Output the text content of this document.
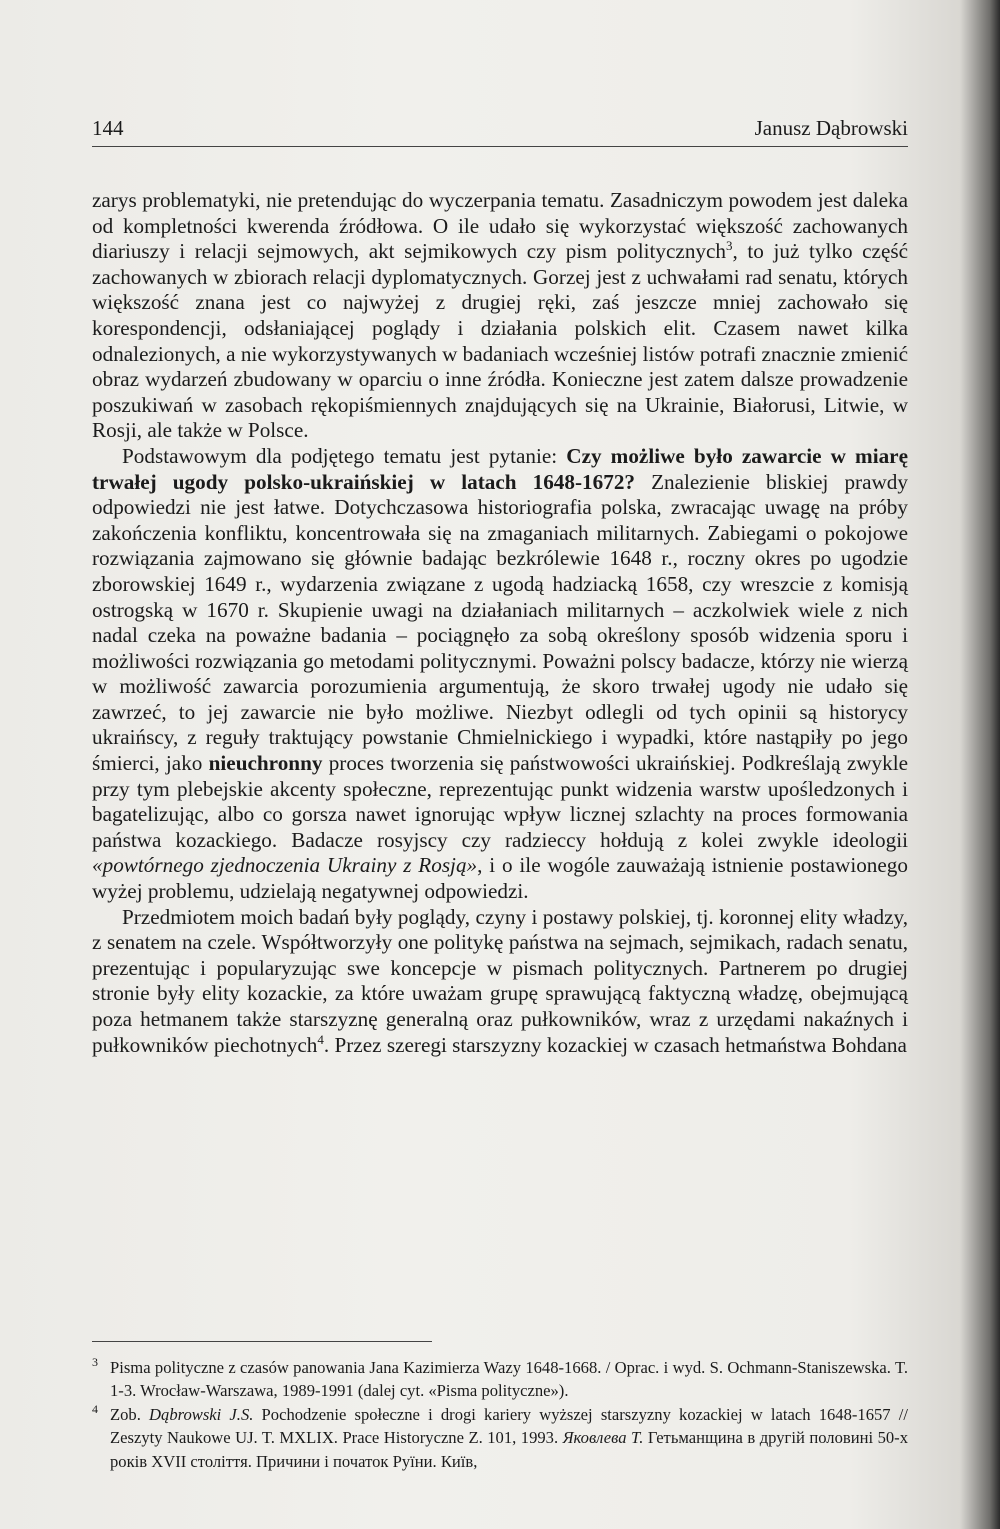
144	Janusz Dąbrowski

zarys problematyki, nie pretendując do wyczerpania tematu. Zasadniczym powodem jest daleka od kompletności kwerenda źródłowa. O ile udało się wykorzystać większość zachowanych diariuszy i relacji sejmowych, akt sejmikowych czy pism politycznych$^3$, to już tylko część zachowanych w zbiorach relacji dyplomatycznych. Gorzej jest z uchwałami rad senatu, których większość znana jest co najwyżej z drugiej ręki, zaś jeszcze mniej zachowało się korespondencji, odsłaniającej poglądy i działania polskich elit. Czasem nawet kilka odnalezionych, a nie wykorzystywanych w badaniach wcześniej listów potrafi znacznie zmienić obraz wydarzeń zbudowany w oparciu o inne źródła. Konieczne jest zatem dalsze prowadzenie poszukiwań w zasobach rękopiśmiennych znajdujących się na Ukrainie, Białorusi, Litwie, w Rosji, ale także w Polsce.

Podstawowym dla podjętego tematu jest pytanie: Czy możliwe było zawarcie w miarę trwałej ugody polsko-ukraińskiej w latach 1648-1672? Znalezienie bliskiej prawdy odpowiedzi nie jest łatwe. Dotychczasowa historiografia polska, zwracając uwagę na próby zakończenia konfliktu, koncentrowała się na zmaganiach militarnych. Zabiegami o pokojowe rozwiązania zajmowano się głównie badając bezkrólewie 1648 r., roczny okres po ugodzie zborowskiej 1649 r., wydarzenia związane z ugodą hadziacką 1658, czy wreszcie z komisją ostrogską w 1670 r. Skupienie uwagi na działaniach militarnych – aczkolwiek wiele z nich nadal czeka na poważne badania – pociągnęło za sobą określony sposób widzenia sporu i możliwości rozwiązania go metodami politycznymi. Poważni polscy badacze, którzy nie wierzą w możliwość zawarcia porozumienia argumentują, że skoro trwałej ugody nie udało się zawrzeć, to jej zawarcie nie było możliwe. Niezbyt odlegli od tych opinii są historycy ukraińscy, z reguły traktujący powstanie Chmielnickiego i wypadki, które nastąpiły po jego śmierci, jako nieuchronny proces tworzenia się państwowości ukraińskiej. Podkreślają zwykle przy tym plebejskie akcenty społeczne, reprezentując punkt widzenia warstw upośledzonych i bagatelizując, albo co gorsza nawet ignorując wpływ licznej szlachty na proces formowania państwa kozackiego. Badacze rosyjscy czy radzieccy hołdują z kolei zwykle ideologii «powtórnego zjednoczenia Ukrainy z Rosją», i o ile wogóle zauważają istnienie postawionego wyżej problemu, udzielają negatywnej odpowiedzi.

Przedmiotem moich badań były poglądy, czyny i postawy polskiej, tj. koronnej elity władzy, z senatem na czele. Współtworzyły one politykę państwa na sejmach, sejmikach, radach senatu, prezentując i popularyzując swe koncepcje w pismach politycznych. Partnerem po drugiej stronie były elity kozackie, za które uważam grupę sprawującą faktyczną władzę, obejmującą poza hetmanem także starszyznę generalną oraz pułkowników, wraz z urzędami nakaźnych i pułkowników piechotnych$^4$. Przez szeregi starszyzny kozackiej w czasach hetmaństwa Bohdana

3 Pisma polityczne z czasów panowania Jana Kazimierza Wazy 1648-1668. / Oprac. i wyd. S. Ochmann-Staniszewska. T. 1-3. Wrocław-Warszawa, 1989-1991 (dalej cyt. «Pisma polityczne»).

4 Zob. Dąbrowski J.S. Pochodzenie społeczne i drogi kariery wyższej starszyzny kozackiej w latach 1648-1657 // Zeszyty Naukowe UJ. T. MXLIX. Prace Historyczne Z. 101, 1993. Яковлева Т. Гетьманщина в другій половині 50-х років XVII століття. Причини і початок Руїни. Київ,
